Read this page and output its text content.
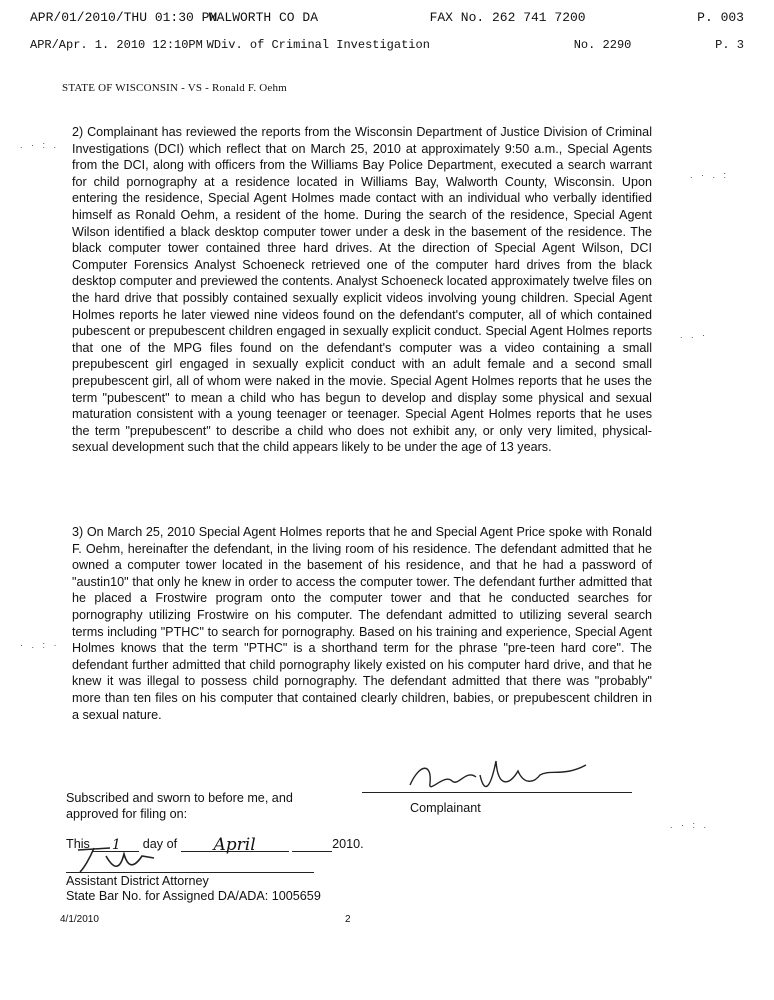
APR/01/2010/THU 01:30 PM
WALWORTH CO DA	FAX No. 262 741 7200	P. 003
APR/Apr. 1. 2010 12:10PM WDiv. of Criminal Investigation	No. 2290	P. 3
STATE OF WISCONSIN - VS - Ronald F. Oehm
2) Complainant has reviewed the reports from the Wisconsin Department of Justice Division of Criminal Investigations (DCI) which reflect that on March 25, 2010 at approximately 9:50 a.m., Special Agents from the DCI, along with officers from the Williams Bay Police Department, executed a search warrant for child pornography at a residence located in Williams Bay, Walworth County, Wisconsin. Upon entering the residence, Special Agent Holmes made contact with an individual who verbally identified himself as Ronald Oehm, a resident of the home. During the search of the residence, Special Agent Wilson identified a black desktop computer tower under a desk in the basement of the residence. The black computer tower contained three hard drives. At the direction of Special Agent Wilson, DCI Computer Forensics Analyst Schoeneck retrieved one of the computer hard drives from the black desktop computer and previewed the contents. Analyst Schoeneck located approximately twelve files on the hard drive that possibly contained sexually explicit videos involving young children. Special Agent Holmes reports he later viewed nine videos found on the defendant's computer, all of which contained pubescent or prepubescent children engaged in sexually explicit conduct. Special Agent Holmes reports that one of the MPG files found on the defendant's computer was a video containing a small prepubescent girl engaged in sexually explicit conduct with an adult female and a second small prepubescent girl, all of whom were naked in the movie. Special Agent Holmes reports that he uses the term "pubescent" to mean a child who has begun to develop and display some physical and sexual maturation consistent with a young teenager or teenager. Special Agent Holmes reports that he uses the term "prepubescent" to describe a child who does not exhibit any, or only very limited, physical-sexual development such that the child appears likely to be under the age of 13 years.
3) On March 25, 2010 Special Agent Holmes reports that he and Special Agent Price spoke with Ronald F. Oehm, hereinafter the defendant, in the living room of his residence. The defendant admitted that he owned a computer tower located in the basement of his residence, and that he had a password of "austin10" that only he knew in order to access the computer tower. The defendant further admitted that he placed a Frostwire program onto the computer tower and that he conducted searches for pornography utilizing Frostwire on his computer. The defendant admitted to utilizing several search terms including "PTHC" to search for pornography. Based on his training and experience, Special Agent Holmes knows that the term "PTHC" is a shorthand term for the phrase "pre-teen hard core". The defendant further admitted that child pornography likely existed on his computer hard drive, and that he knew it was illegal to possess child pornography. The defendant admitted that there was "probably" more than ten files on his computer that contained clearly children, babies, or prepubescent children in a sexual nature.
Subscribed and sworn to before me, and approved for filing on:	Complainant
This 1 day of April	2010.
Assistant District Attorney
State Bar No. for Assigned DA/ADA: 1005659
4/1/2010	2
. · : .
. · . :
. . ·
· . : ·
. · : .
